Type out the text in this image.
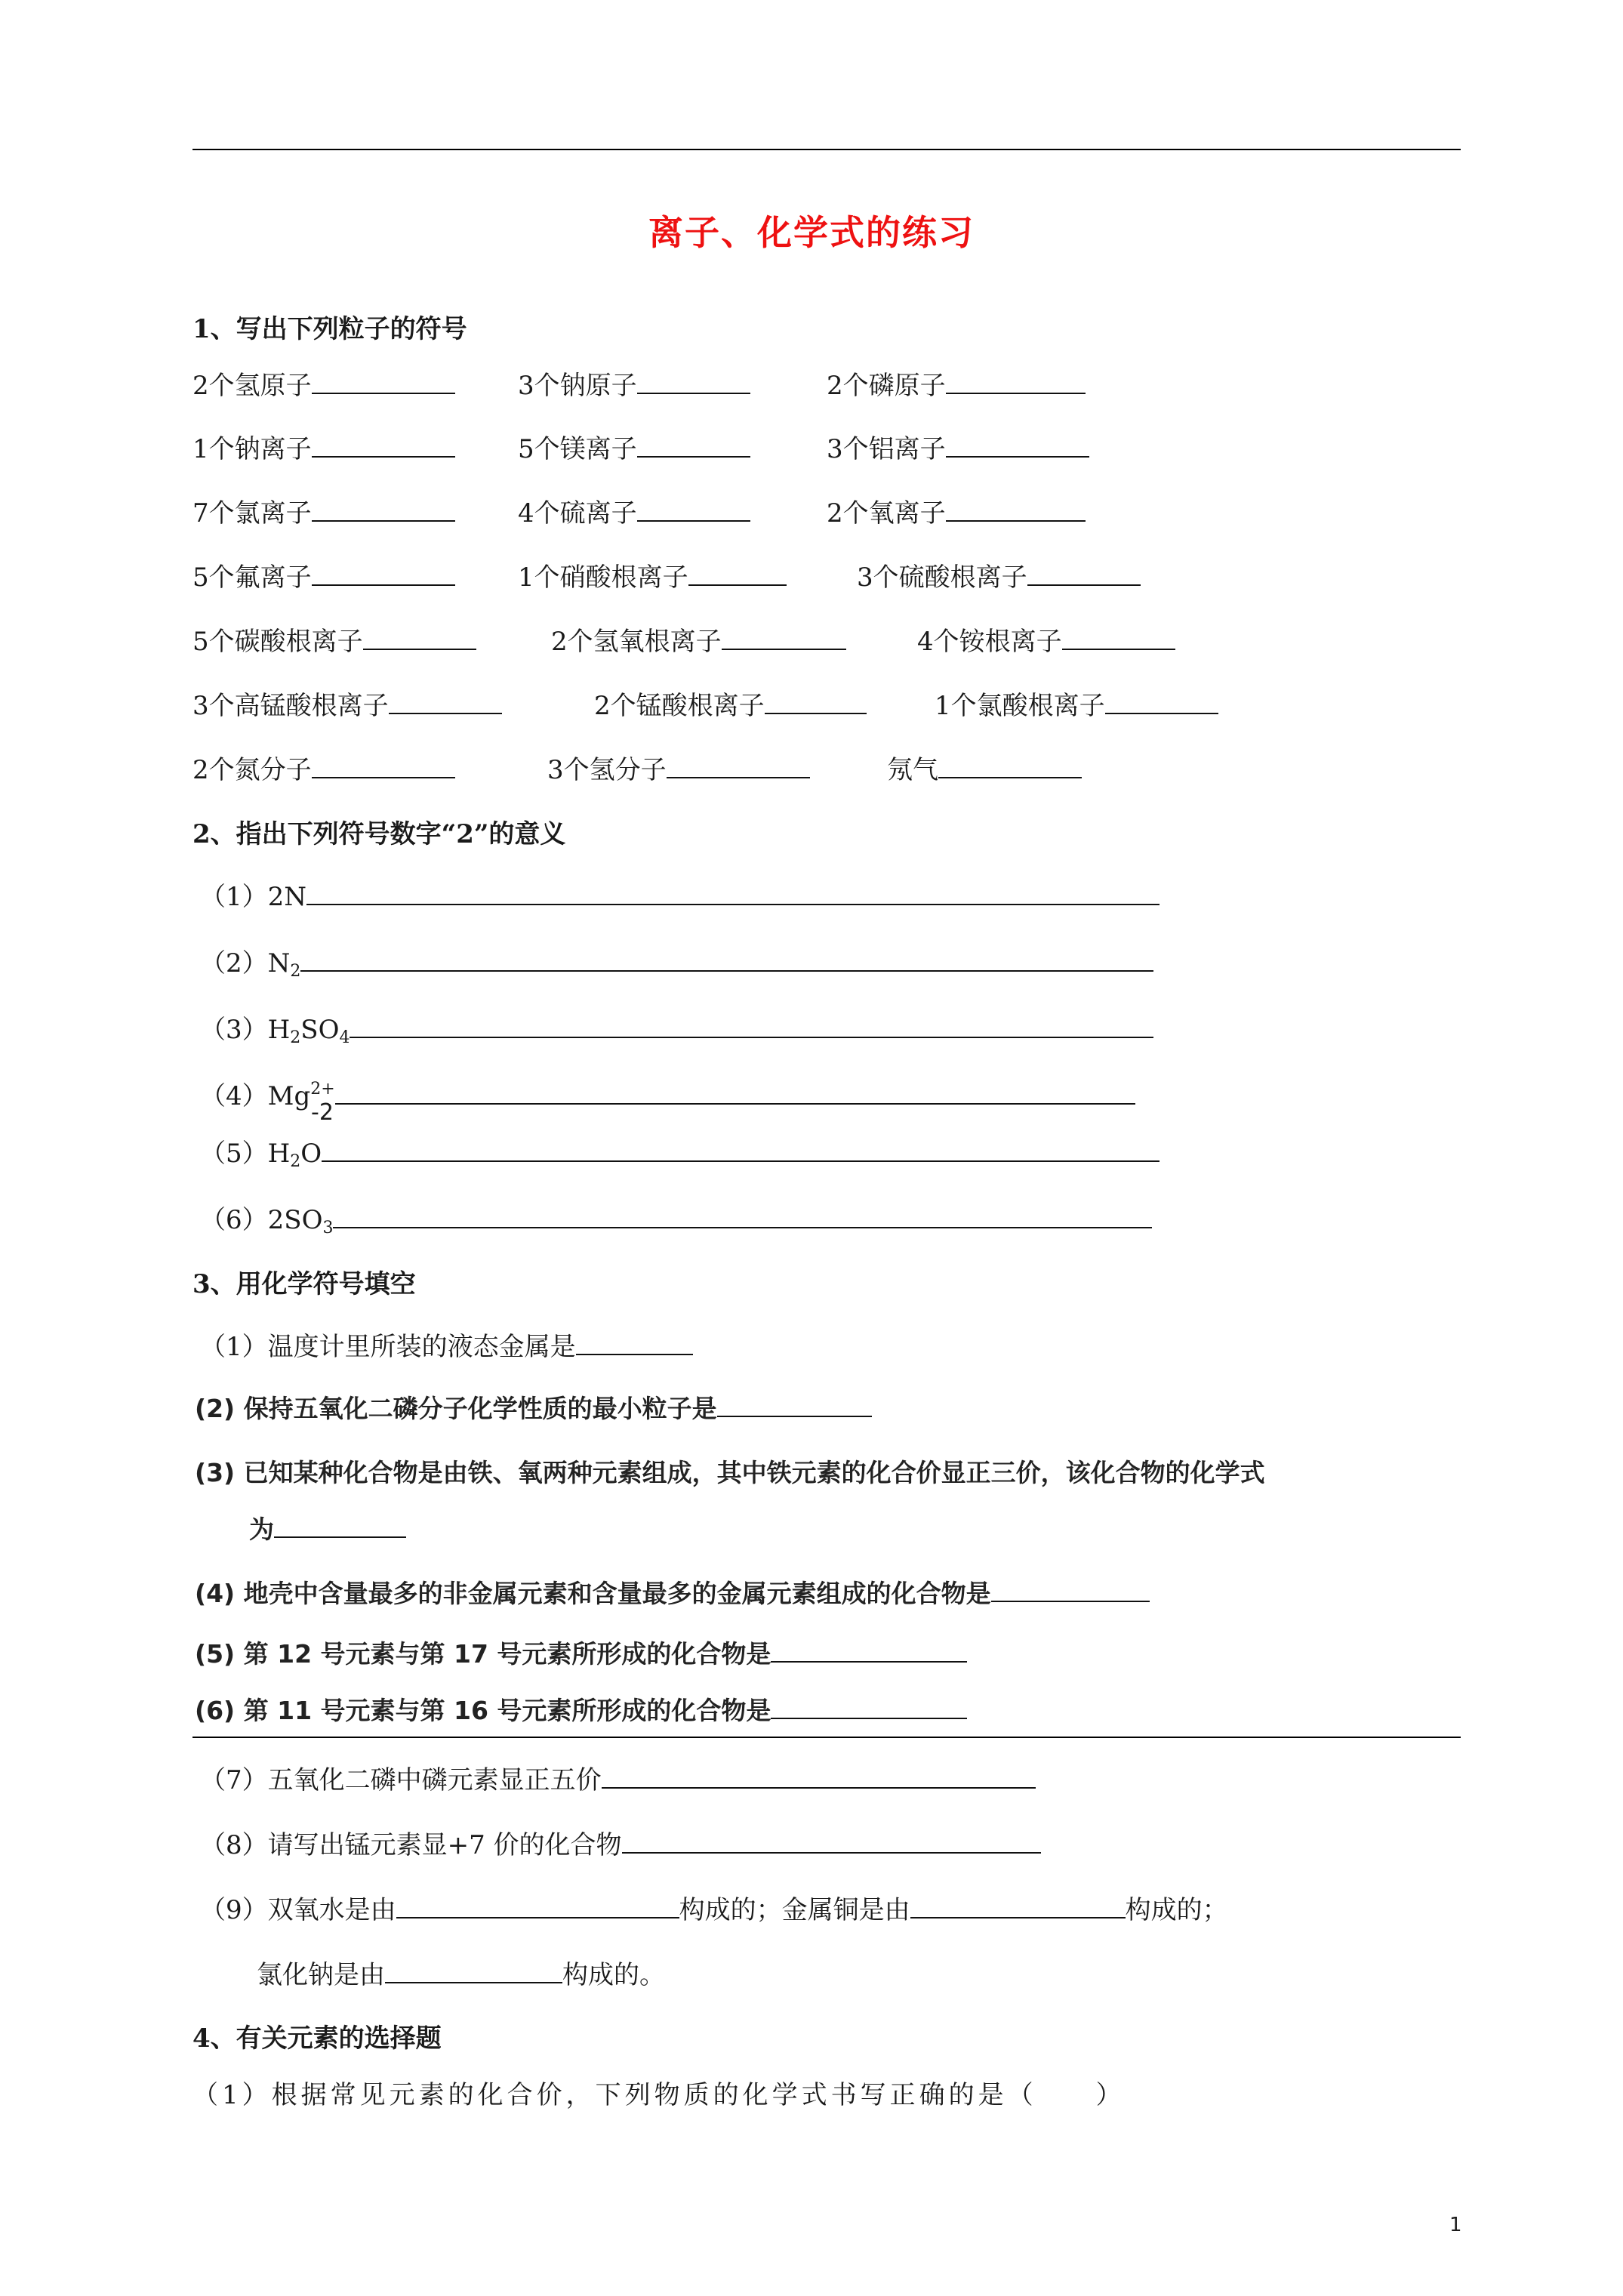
离子、化学式的练习
1、写出下列粒子的符号
2个氢原子	3个钠原子	2个磷原子
1个钠离子	5个镁离子	3个铝离子
7个氯离子	4个硫离子	2个氧离子
5个氟离子	1个硝酸根离子	3个硫酸根离子
5个碳酸根离子	2个氢氧根离子	4个铵根离子
3个高锰酸根离子	2个锰酸根离子	1个氯酸根离子
2个氮分子	3个氢分子	氖气
2、指出下列符号数字“2”的意义
（1）2N
$(2)N_2$
$(3)H_2SO_4$
$(4)Mg^{2+}$
-2
$(5)H_2O$
$(6)2SO_3$
3、用化学符号填空
（1）温度计里所装的液态金属是
(2) 保持五氧化二磷分子化学性质的最小粒子是
(3) 已知某种化合物是由铁、氧两种元素组成，其中铁元素的化合价显正三价，该化合物的化学式
为
(4) 地壳中含量最多的非金属元素和含量最多的金属元素组成的化合物是
(5) 第 12 号元素与第 17 号元素所形成的化合物是
(6) 第 11 号元素与第 16 号元素所形成的化合物是
（7）五氧化二磷中磷元素显正五价
（8）请写出锰元素显+7 价的化合物
（9）双氧水是由	构成的；金属铜是由	构成的；
氯化钠是由	构成的。
4、有关元素的选择题
（1）根据常见元素的化合价，下列物质的化学式书写正确的是（　　）
1
